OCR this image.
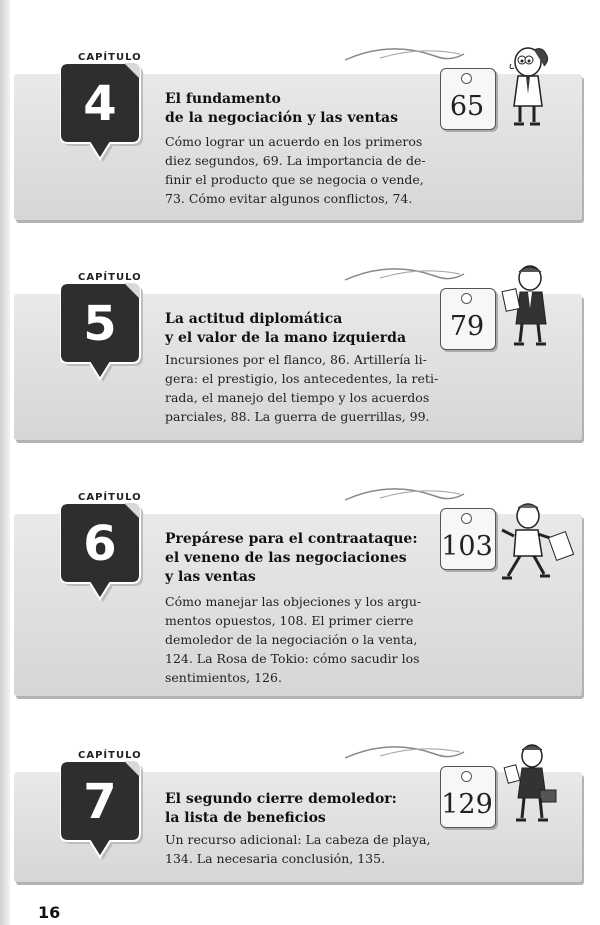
CAPÍTULO
4	El fundamento
de la negociación y las ventas
Cómo lograr un acuerdo en los primeros
diez segundos, 69. La importancia de de-
finir el producto que se negocia o vende,
73. Cómo evitar algunos conflictos, 74.
65
CAPÍTULO
5	La actitud diplomática
y el valor de la mano izquierda
Incursiones por el flanco, 86. Artillería li-
gera: el prestigio, los antecedentes, la reti-
rada, el manejo del tiempo y los acuerdos
parciales, 88. La guerra de guerrillas, 99.
79
CAPÍTULO
6	Prepárese para el contraataque:
el veneno de las negociaciones
y las ventas
Cómo manejar las objeciones y los argu-
mentos opuestos, 108. El primer cierre
demoledor de la negociación o la venta,
124. La Rosa de Tokio: cómo sacudir los
sentimientos, 126.
103
CAPÍTULO
7	El segundo cierre demoledor:
la lista de beneficios
Un recurso adicional: La cabeza de playa,
134. La necesaria conclusión, 135.
129
16
